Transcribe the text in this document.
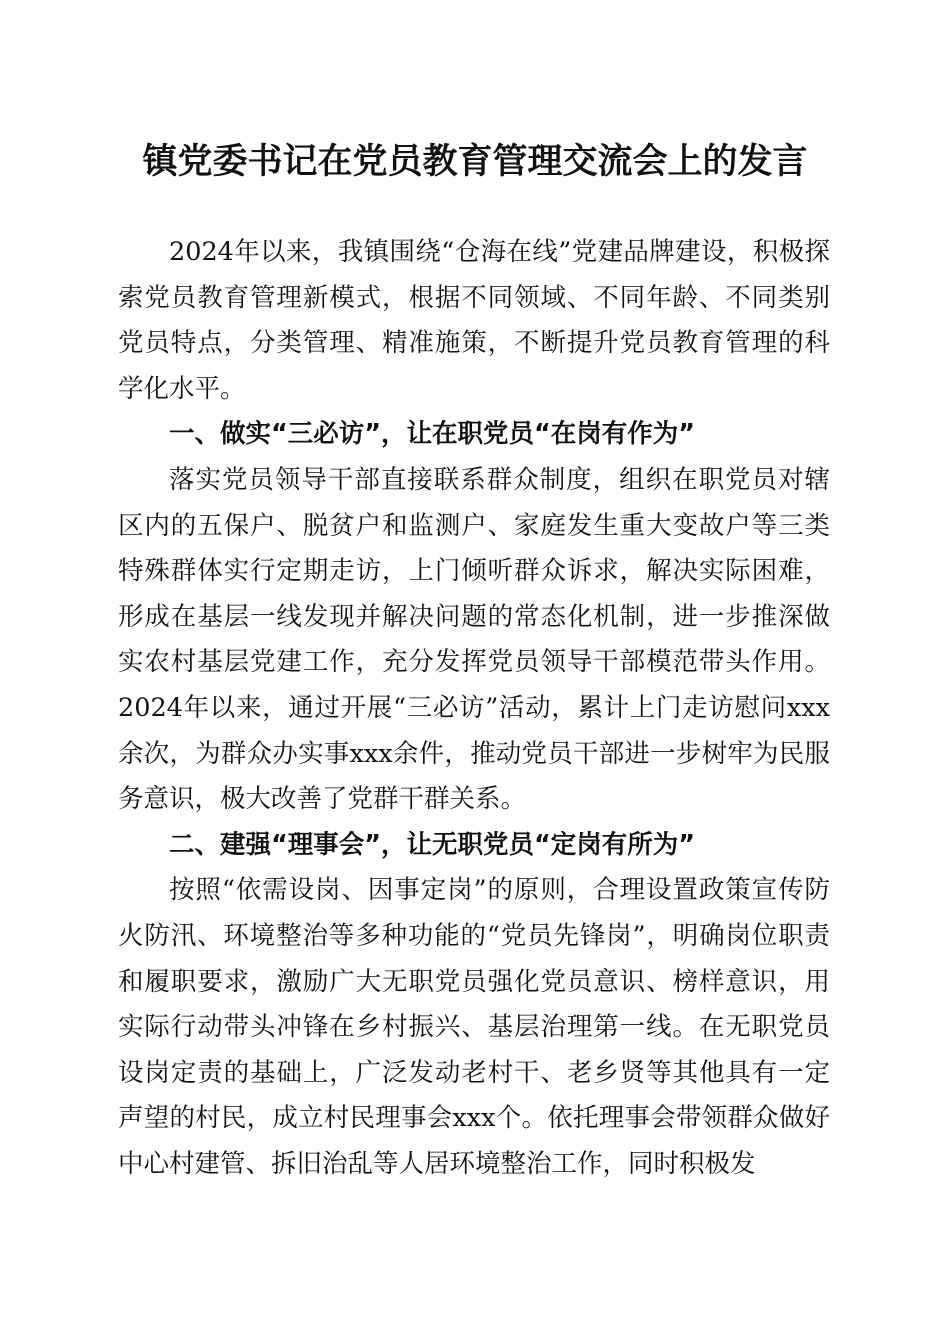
镇党委书记在党员教育管理交流会上的发言

2024年以来，我镇围绕“仓海在线”党建品牌建设，积极探索党员教育管理新模式，根据不同领域、不同年龄、不同类别党员特点，分类管理、精准施策，不断提升党员教育管理的科学化水平。

一、做实“三必访”，让在职党员“在岗有作为”

落实党员领导干部直接联系群众制度，组织在职党员对辖区内的五保户、脱贫户和监测户、家庭发生重大变故户等三类特殊群体实行定期走访，上门倾听群众诉求，解决实际困难，形成在基层一线发现并解决问题的常态化机制，进一步推深做实农村基层党建工作，充分发挥党员领导干部模范带头作用。2024年以来，通过开展“三必访”活动，累计上门走访慰问xxx余次，为群众办实事xxx余件，推动党员干部进一步树牢为民服务意识，极大改善了党群干群关系。

二、建强“理事会”，让无职党员“定岗有所为”

按照“依需设岗、因事定岗”的原则，合理设置政策宣传防火防汛、环境整治等多种功能的“党员先锋岗”，明确岗位职责和履职要求，激励广大无职党员强化党员意识、榜样意识，用实际行动带头冲锋在乡村振兴、基层治理第一线。在无职党员设岗定责的基础上，广泛发动老村干、老乡贤等其他具有一定声望的村民，成立村民理事会xxx个。依托理事会带领群众做好中心村建管、拆旧治乱等人居环境整治工作，同时积极发
